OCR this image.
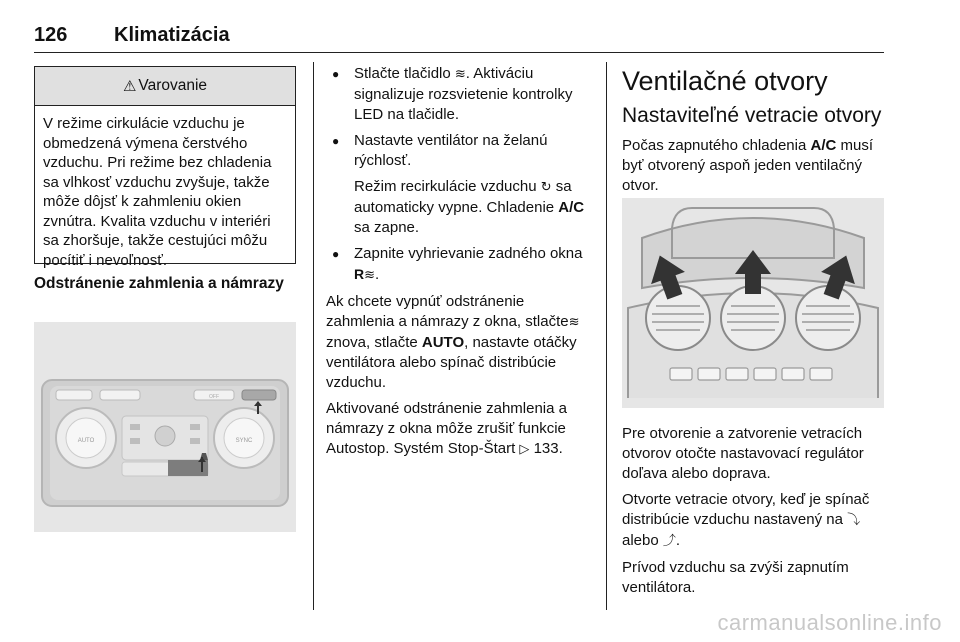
126 Klimatizácia
⚠ Varovanie
V režime cirkulácie vzduchu je obmedzená výmena čerstvého vzduchu. Pri režime bez chladenia sa vlhkosť vzduchu zvyšuje, takže môže dôjsť k zahmleniu okien zvnútra. Kvalita vzduchu v interiéri sa zhoršuje, takže cestujúci môžu pocítiť i nevoľnosť.
Odstránenie zahmlenia a námrazy
AUTO	SYNC
OFF

● Stlačte tlačidlo ≋. Aktiváciu signalizuje rozsvietenie kontrolky LED na tlačidle.

● Nastavte ventilátor na želanú rýchlosť.

Režim recirkulácie vzduchu ↻ sa automaticky vypne. Chladenie A/C sa zapne.

● Zapnite vyhrievanie zadného okna R≋.

Ak chcete vypnúť odstránenie zahmlenia a námrazy z okna, stlačte≋ znova, stlačte AUTO, nastavte otáčky ventilátora alebo spínač distribúcie vzduchu.

Aktivované odstránenie zahmlenia a námrazy z okna môže zrušiť funkcie Autostop. Systém Stop-Štart ▷ 133.

Ventilačné otvory
Nastaviteľné vetracie otvory

Počas zapnutého chladenia A/C musí byť otvorený aspoň jeden ventilačný otvor.

Pre otvorenie a zatvorenie vetracích otvorov otočte nastavovací regulátor doľava alebo doprava.

Otvorte vetracie otvory, keď je spínač distribúcie vzduchu nastavený na ⤵
alebo ⤴.

Prívod vzduchu sa zvýši zapnutím ventilátora.

carmanualsonline.info
